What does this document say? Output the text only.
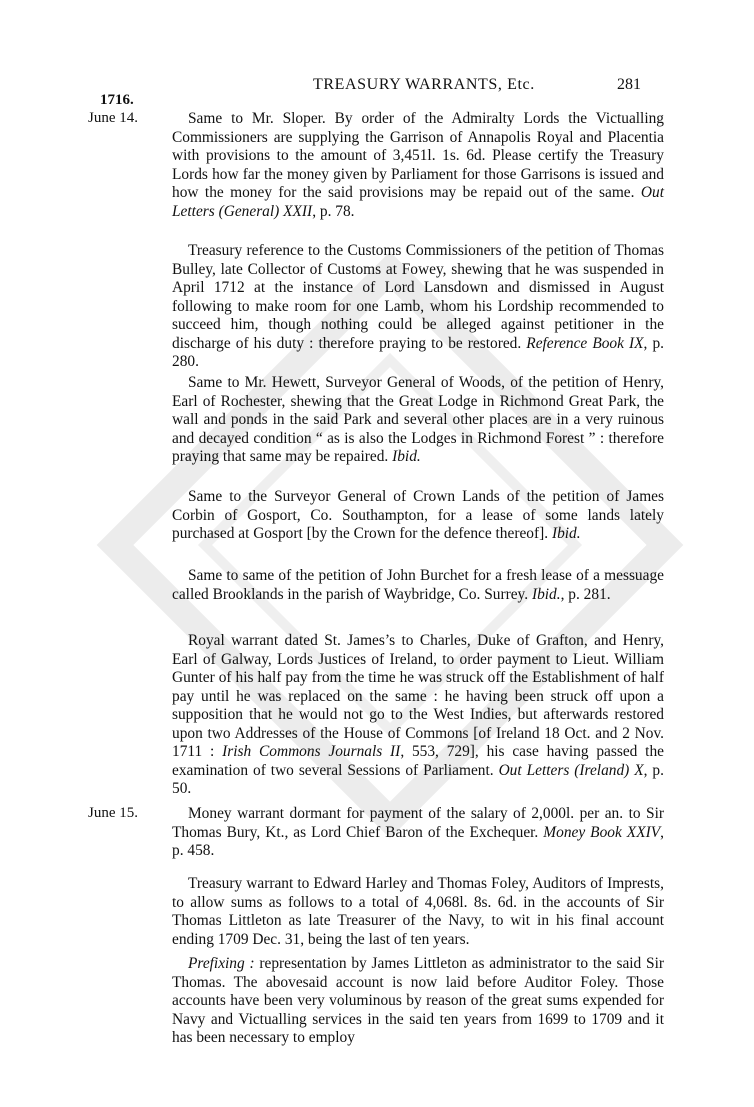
TREASURY WARRANTS, Etc.	281
1716.
June 14.
June 15.
Same to Mr. Sloper. By order of the Admiralty Lords the Victualling Commissioners are supplying the Garrison of Annapolis Royal and Placentia with provisions to the amount of 3,451l. 1s. 6d. Please certify the Treasury Lords how far the money given by Parliament for those Garrisons is issued and how the money for the said provisions may be repaid out of the same. Out Letters (General) XXII, p. 78.
Treasury reference to the Customs Commissioners of the petition of Thomas Bulley, late Collector of Customs at Fowey, shewing that he was suspended in April 1712 at the instance of Lord Lansdown and dismissed in August following to make room for one Lamb, whom his Lordship recommended to succeed him, though nothing could be alleged against petitioner in the discharge of his duty : therefore praying to be restored. Reference Book IX, p. 280.
Same to Mr. Hewett, Surveyor General of Woods, of the petition of Henry, Earl of Rochester, shewing that the Great Lodge in Richmond Great Park, the wall and ponds in the said Park and several other places are in a very ruinous and decayed condition “ as is also the Lodges in Richmond Forest ” : therefore praying that same may be repaired. Ibid.
Same to the Surveyor General of Crown Lands of the petition of James Corbin of Gosport, Co. Southampton, for a lease of some lands lately purchased at Gosport [by the Crown for the defence thereof]. Ibid.
Same to same of the petition of John Burchet for a fresh lease of a messuage called Brooklands in the parish of Waybridge, Co. Surrey. Ibid., p. 281.
Royal warrant dated St. James’s to Charles, Duke of Grafton, and Henry, Earl of Galway, Lords Justices of Ireland, to order payment to Lieut. William Gunter of his half pay from the time he was struck off the Establishment of half pay until he was replaced on the same : he having been struck off upon a supposition that he would not go to the West Indies, but afterwards restored upon two Addresses of the House of Commons [of Ireland 18 Oct. and 2 Nov. 1711 : Irish Commons Journals II, 553, 729], his case having passed the examination of two several Sessions of Parliament. Out Letters (Ireland) X, p. 50.
Money warrant dormant for payment of the salary of 2,000l. per an. to Sir Thomas Bury, Kt., as Lord Chief Baron of the Exchequer. Money Book XXIV, p. 458.
Treasury warrant to Edward Harley and Thomas Foley, Auditors of Imprests, to allow sums as follows to a total of 4,068l. 8s. 6d. in the accounts of Sir Thomas Littleton as late Treasurer of the Navy, to wit in his final account ending 1709 Dec. 31, being the last of ten years.
Prefixing : representation by James Littleton as administrator to the said Sir Thomas. The abovesaid account is now laid before Auditor Foley. Those accounts have been very voluminous by reason of the great sums expended for Navy and Victualling services in the said ten years from 1699 to 1709 and it has been necessary to employ
